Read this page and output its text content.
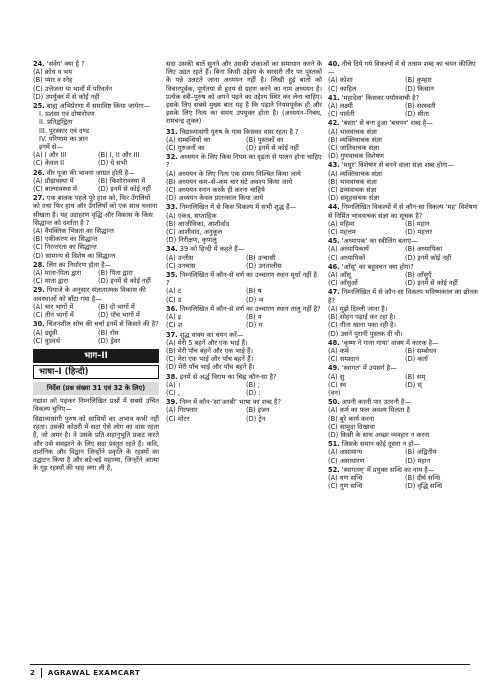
24. 'संवेग' क्या है ?
(A) क्रोध व भय
(B) प्यार व स्नेह
(C) उत्तेजना या भावों में परिवर्तन
(D) उपर्युक्त में से कोई नहीं
25. बाह्य अभिप्रेरणा में समाविष्ट किया जायेगा—
I. प्रशंसा एवं दोषारोपण
II. प्रतिद्वन्द्विता
III. पुरस्कार एवं दण्ड
IV. परिणाम का ज्ञान
इनमें से—
(A) I और III	(B) I, II और III
(C) केवल II	(D) ये सभी
26. वीर पूजा की भावना जाग्रत होती है—
(A) प्रौढ़ावस्था में	(B) किशोरावस्था में
(C) बाल्यावस्था में	(D) इनमें से कोई नहीं
27. एक बालक पहले पूरे हाथ को, फिर उँगलियों को तथा फिर हाथ और उँगलियों को एक साथ चलाना सीखता है। यह उदाहरण वृद्धि और विकास के किस सिद्धान्त को दर्शाता है ?
(A) वैयक्तिक भिन्नता का सिद्धान्त
(B) एकीकरण का सिद्धान्त
(C) निरन्तरता का सिद्धान्त
(D) सामान्य से विशेष का सिद्धान्त
28. लिंग का निर्धारण होता है—
(A) माता-पिता द्वारा	(B) पिता द्वारा
(C) माता द्वारा	(D) इनमें से कोई नहीं
29. पियाजे के अनुसार संज्ञानात्मक विकास की अवस्थाओं को बाँटा गया है—
(A) चार भागों में	(B) दो भागों में
(C) तीन भागों में	(D) पाँच भागों में
30. चिंतनशील सोच की चर्चा इनमें से किसने की है?
(A) ड्यूवी	(B) रॉस
(C) वुडवर्थ	(D) ड्रेवर
भाग–II
भाषा–I (हिन्दी)
निर्देश (प्रश्न संख्या 31 एवं 32 के लिए)
गद्यांश को पढ़कर निम्नलिखित प्रश्नों में सबसे उचित विकल्प चुनिए—
विद्याव्यासंगी पुरुष को साथियों का अभाव कभी नहीं रहता। उसकी कोठरी में सदा ऐसे लोग का वास रहता है, जो अमर है। वे उसके प्रति सहानुभूति प्रकट करते और उसे समझाने के लिए सदा प्रस्तुत रहते हैं। कवि, दार्शनिक और विद्वान जिन्होंने प्रकृति के रहस्यों का उद्घाटन किया है और बड़े-बड़े महात्मा, जिन्होंने आत्मा के गूढ़ रहस्यों की थाह लगा ली है,
सदा उसकी बातें सुनने और उसकी शंकाओं का समाधान करने के लिए उद्यत रहते हैं। बिना किसी उद्देश्य के सरसरी तौर पर पुस्तकों के पन्ने उलटते जाना अध्ययन नहीं है। लिखी हुई बातों को विचारपूर्वक, पूर्णतया से हृदय से ग्रहण करने का नाम अध्ययन है। प्रत्येक स्त्री–पुरुष को अपने पढ़ने का उद्देश्य स्थिर कर लेना चाहिए। इसके लिए सबसे मुख्य बात यह है कि पढ़ाने नियमपूर्वक हो और इसके लिए नित्य का समय उपयुक्त होता है। (अध्ययन–निबंध, रामचन्द्र शुक्ल)
31. विद्याव्यासंगी पुरुष के पास किसका वास रहता है ?
(A) सम्बन्धियों का	(B) पुस्तकों का
(C) गुरुजनों का	(D) इनमें से कोई नहीं
32. अध्ययन के लिए किस नियम का दृढ़ता से पालन होना चाहिए ?
(A) अध्ययन के लिए नित्य एक समय निश्चित किया जाये
(B) अध्ययन कम–से–कम चार घंटे अवश्य किया जाये
(C) अध्ययन स्नान करके ही करना चाहिये
(D) अध्ययन केवल प्रातःकाल किया जाये
33. निम्नलिखित में से किस विकल्प में सभी शुद्ध हैं—
(A) एकत्र, सप्ताहिक
(B) आजीविका, आशीर्वाद
(C) आशीवाद, अनुकूल
(D) निरीक्षण, कृपालु
34. 39 को हिन्दी में कहते हैं—
(A) उन्तीस	(B) उन्चासी
(C) उनचास	(D) उनतालीस
35. निम्नलिखित में कौन-से वर्ण का उच्चारण स्थान मूर्धा नहीं है ?
(A) ट	(B) ष
(C) ड	(D) ञ
36. निम्नलिखित में कौन-से वर्ण का उच्चारण स्थान तालु नहीं है?
(A) इ	(B) य
(C) श	(D) य
37. शुद्ध वाक्य का चयन करें—
(A) मेरी 5 बहनें और एक भाई हैं।
(B) मेरी पाँच बहनें और एक भाई हैं।
(C) मेरा एक भाई और पाँच बहनें हैं।
(D) मेरी पाँच भाई और पाँच बहनें हैं।
38. इनमें से अर्द्ध विराम का चिह्न कौन-सा है?
(A) ।	(B) ;
(C) ,	(D) :
39. निम्न में कौन-'सा'अरबी' भाषा का शब्द है?
(A) गिरफ्तार	(B) इंजन
(C) मोटर	(D) ट्रेन
40. नीचे दिये गये विकल्पों में से तत्सम शब्द का चयन कीजिए—
(A) कोशा	(B) कुम्हार
(C) काहिल	(D) किसान
41. 'महादेवा' किसका पर्यायवाची है?
(A) लक्ष्मी	(B) सरस्वती
(C) पार्वती	(D) सीता
42. 'बस्ता' से बना हुआ 'बचपन' शब्द है—
(A) भाववाचक संज्ञा
(B) व्यक्तिवाचक संज्ञा
(C) जातिवाचक संज्ञा
(D) गुणवाचक विशेषण
43. 'मधुर' विशेषण से बनने वाला संज्ञा शब्द होगा—
(A) व्यक्तिवाचक संज्ञा
(B) भाववाचक संज्ञा
(C) द्रव्यवाचक संज्ञा
(D) समूहवाचक संज्ञा
44. निम्नलिखित विकल्पों में से कौन-सा विकल्प 'मह' विशेषण से निर्मित भाववाचक संज्ञा का सूचक है?
(A) महिमा	(B) महान
(C) महत्तम	(D) महत्तर
45. 'अध्यापक' का स्त्रीलिंग बताए—
(A) अध्यापिकायें	(B) अध्यापिका
(C) अध्यापिकों	(D) इनमें कोई नहीं
46. 'आँसू' का बहुवचन क्या होगा?
(A) आँसू	(B) आँसुएँ
(C) आँसुओं	(D) इनमें से कोई नहीं
47. निम्नलिखित में से कौन-सा विकल्प भविष्यकाल का द्योतक है?
(A) मुझे दिल्ली जाना है।
(B) सोहन पढ़ाई कर रहा है।
(C) गीता खाना पका रही है।
(D) उसने पुरानी पुस्तक दी थी।
48. 'कृष्ण ने गाना गाया' वाक्य में कारक है—
(A) कर्म	(B) सम्बोधन
(C) सम्प्रदान	(D) कर्ता
49. 'स्वागत' में उपसर्ग है—
(A) सु	(B) सम्
(C) स्व	(D) स्
(वन)
50. अपनी करनी पार उतरनी है—
(A) कर्म का फल अवश्य मिलता है
(B) बुरे कार्य करना
(C) सामुदा दिखावा
(D) किसी के साथ अच्छा व्यवहार न करना
51. जिसके समान कोई दूसरा न हो—
(A) असामान्य	(B) अद्वितीय
(C) असाधारण	(D) महान
52. 'स्वागतम्' में प्रयुक्त सन्धि का नाम है—
(A) यण सन्धि	(B) दीर्घ सन्धि
(C) गुण सन्धि	(D) वृद्धि सन्धि
2 AGRAWAL EXAMCART
